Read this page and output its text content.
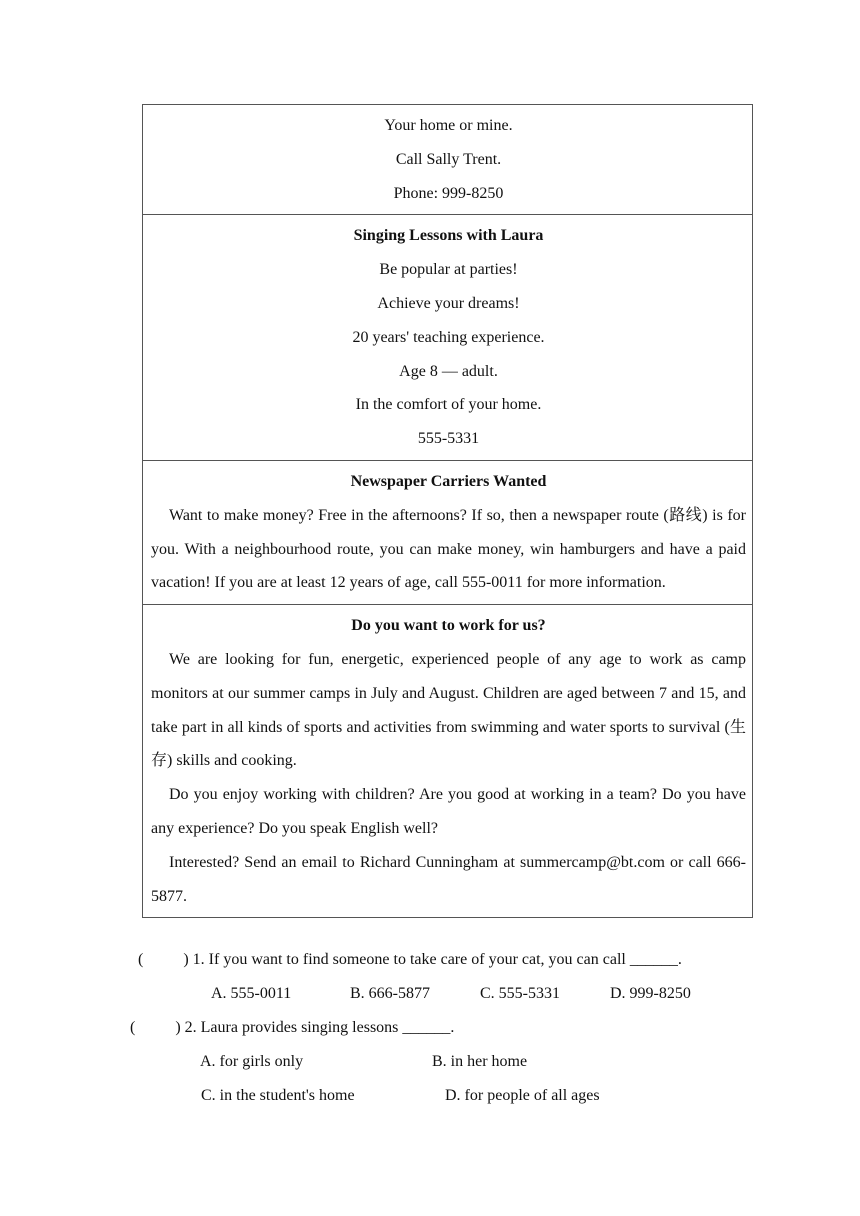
Your home or mine.
Call Sally Trent.
Phone: 999-8250
Singing Lessons with Laura
Be popular at parties!
Achieve your dreams!
20 years' teaching experience.
Age 8 — adult.
In the comfort of your home.
555-5331
Newspaper Carriers Wanted
Want to make money? Free in the afternoons? If so, then a newspaper route (路线) is for you. With a neighbourhood route, you can make money, win hamburgers and have a paid vacation! If you are at least 12 years of age, call 555-0011 for more information.
Do you want to work for us?
We are looking for fun, energetic, experienced people of any age to work as camp monitors at our summer camps in July and August. Children are aged between 7 and 15, and take part in all kinds of sports and activities from swimming and water sports to survival (生存) skills and cooking.
Do you enjoy working with children? Are you good at working in a team? Do you have any experience? Do you speak English well?
Interested? Send an email to Richard Cunningham at summercamp@bt.com or call 666-5877.
(          ) 1. If you want to find someone to take care of your cat, you can call ______.
A. 555-0011	B. 666-5877	C. 555-5331	D. 999-8250
(          ) 2. Laura provides singing lessons ______.
A. for girls only	B. in her home
C. in the student's home	D. for people of all ages
